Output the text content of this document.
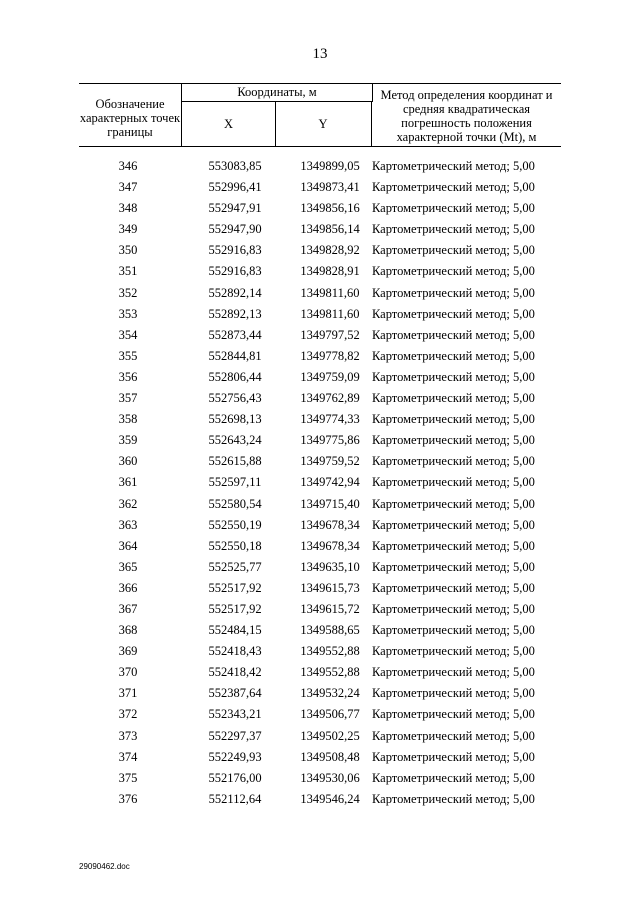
13
Обозначение характерных точек границы
Координаты, м
X	Y
Метод определения координат и средняя квадратическая погрешность положения характерной точки (Mt), м
346	553083,85	1349899,05 Картометрический метод; 5,00
347	552996,41	1349873,41 Картометрический метод; 5,00
348	552947,91	1349856,16 Картометрический метод; 5,00
349	552947,90	1349856,14 Картометрический метод; 5,00
350	552916,83	1349828,92 Картометрический метод; 5,00
351	552916,83	1349828,91 Картометрический метод; 5,00
352	552892,14	1349811,60	Картометрический метод; 5,00
353	552892,13	1349811,60	Картометрический метод; 5,00
354	552873,44	1349797,52 Картометрический метод; 5,00
355	552844,81	1349778,82 Картометрический метод; 5,00
356	552806,44	1349759,09 Картометрический метод; 5,00
357	552756,43	1349762,89 Картометрический метод; 5,00
358	552698,13	1349774,33 Картометрический метод; 5,00
359	552643,24	1349775,86 Картометрический метод; 5,00
360	552615,88	1349759,52 Картометрический метод; 5,00
361	552597,11	1349742,94 Картометрический метод; 5,00
362	552580,54	1349715,40 Картометрический метод; 5,00
363	552550,19	1349678,34 Картометрический метод; 5,00
364	552550,18	1349678,34 Картометрический метод; 5,00
365	552525,77	1349635,10 Картометрический метод; 5,00
366	552517,92	1349615,73 Картометрический метод; 5,00
367	552517,92	1349615,72 Картометрический метод; 5,00
368	552484,15	1349588,65 Картометрический метод; 5,00
369	552418,43	1349552,88 Картометрический метод; 5,00
370	552418,42	1349552,88 Картометрический метод; 5,00
371	552387,64	1349532,24 Картометрический метод; 5,00
372	552343,21	1349506,77 Картометрический метод; 5,00
373	552297,37	1349502,25 Картометрический метод; 5,00
374	552249,93	1349508,48 Картометрический метод; 5,00
375	552176,00	1349530,06 Картометрический метод; 5,00
376	552112,64	1349546,24 Картометрический метод; 5,00
29090462.doc
